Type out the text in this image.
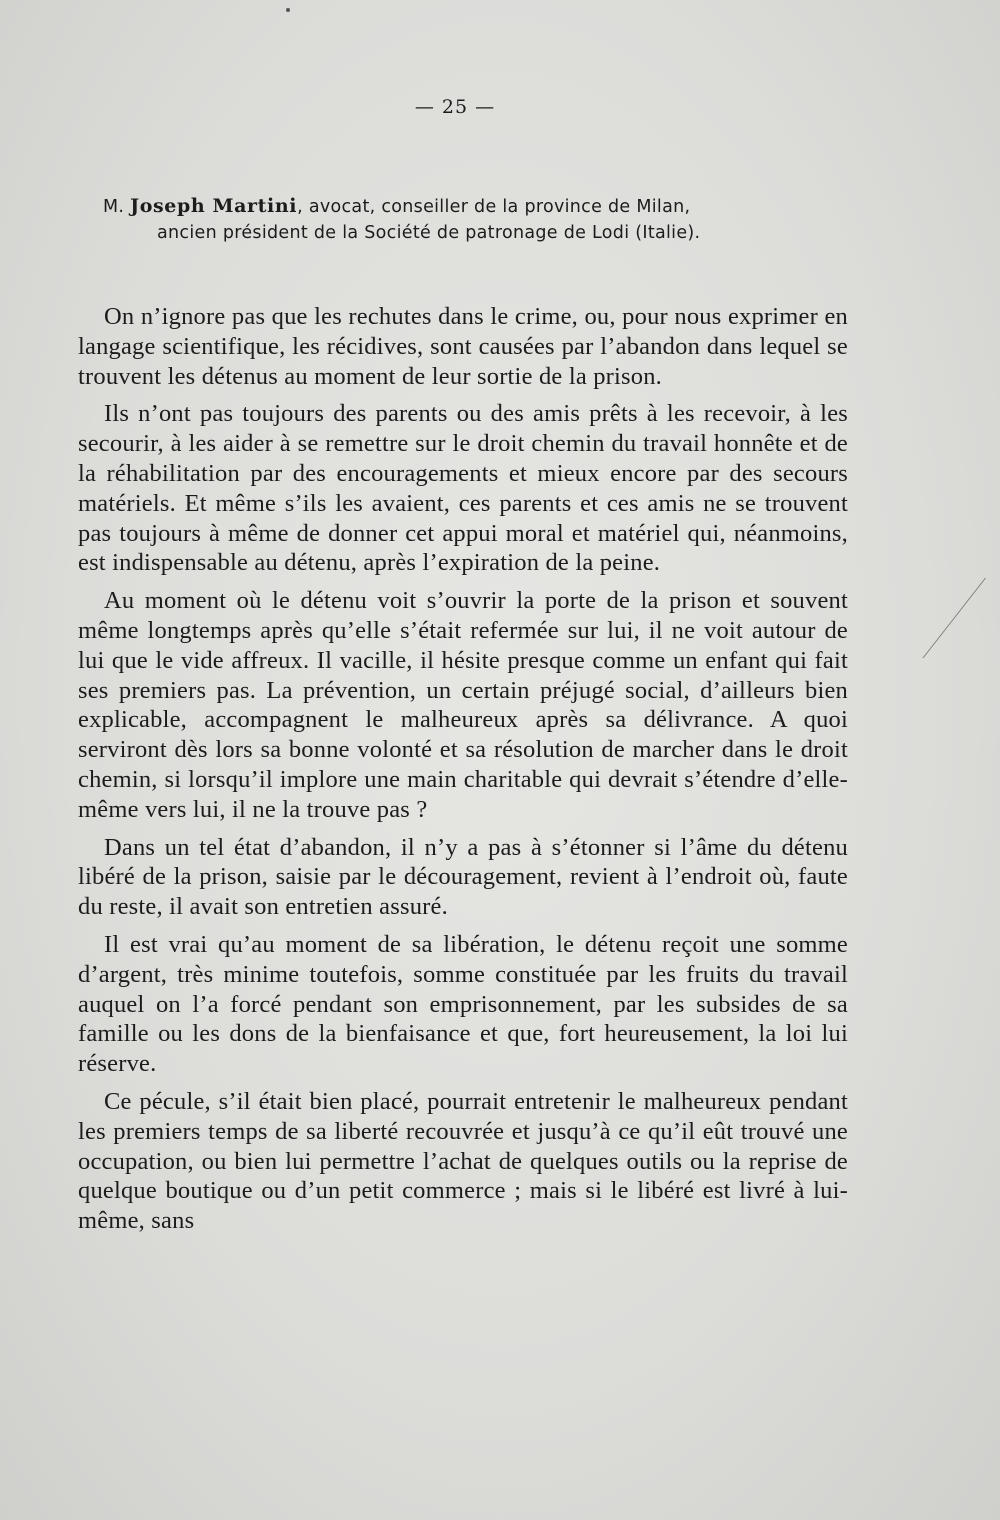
— 25 —
M. Joseph Martini, avocat, conseiller de la province de Milan,
ancien président de la Société de patronage de Lodi (Italie).

On n’ignore pas que les rechutes dans le crime, ou, pour nous exprimer en langage scientifique, les récidives, sont causées par l’abandon dans lequel se trouvent les détenus au moment de leur sortie de la prison.

Ils n’ont pas toujours des parents ou des amis prêts à les recevoir, à les secourir, à les aider à se remettre sur le droit chemin du travail honnête et de la réhabilitation par des encouragements et mieux encore par des secours matériels. Et même s’ils les avaient, ces parents et ces amis ne se trouvent pas toujours à même de donner cet appui moral et matériel qui, néanmoins, est indispensable au détenu, après l’expiration de la peine.

Au moment où le détenu voit s’ouvrir la porte de la prison et souvent même longtemps après qu’elle s’était refermée sur lui, il ne voit autour de lui que le vide affreux. Il vacille, il hésite presque comme un enfant qui fait ses premiers pas. La prévention, un certain préjugé social, d’ailleurs bien explicable, accompagnent le malheureux après sa délivrance. A quoi serviront dès lors sa bonne volonté et sa résolution de marcher dans le droit chemin, si lorsqu’il implore une main charitable qui devrait s’étendre d’elle-même vers lui, il ne la trouve pas ?

Dans un tel état d’abandon, il n’y a pas à s’étonner si l’âme du détenu libéré de la prison, saisie par le découragement, revient à l’endroit où, faute du reste, il avait son entretien assuré.

Il est vrai qu’au moment de sa libération, le détenu reçoit une somme d’argent, très minime toutefois, somme constituée par les fruits du travail auquel on l’a forcé pendant son emprisonnement, par les subsides de sa famille ou les dons de la bienfaisance et que, fort heureusement, la loi lui réserve.

Ce pécule, s’il était bien placé, pourrait entretenir le malheureux pendant les premiers temps de sa liberté recouvrée et jusqu’à ce qu’il eût trouvé une occupation, ou bien lui permettre l’achat de quelques outils ou la reprise de quelque boutique ou d’un petit commerce ; mais si le libéré est livré à lui-même, sans
